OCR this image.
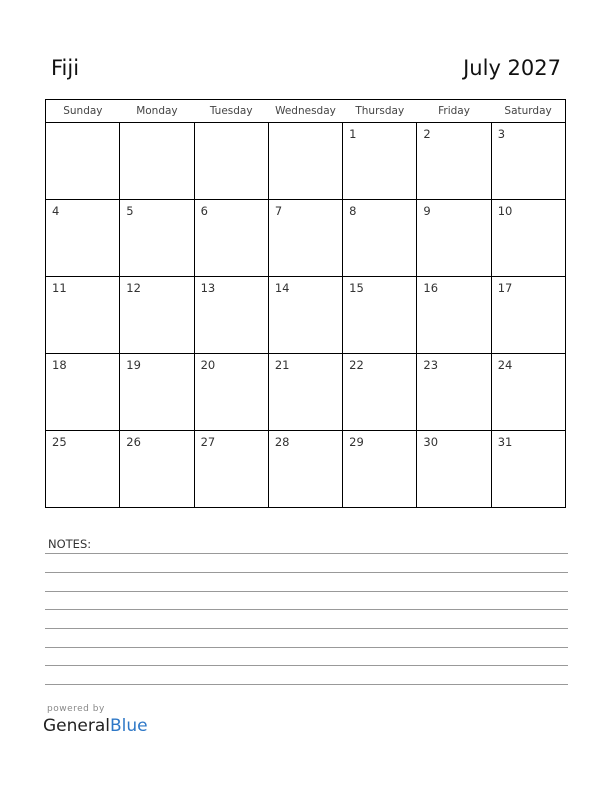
Fiji	July 2027
Sunday	Monday	Tuesday	Wednesday	Thursday	Friday	Saturday

				1	2	3

4	5	6	7	8	9	10

11	12	13	14	15	16	17

18	19	20	21	22	23	24

25	26	27	28	29	30	31
NOTES:
powered by
GeneralBlue
